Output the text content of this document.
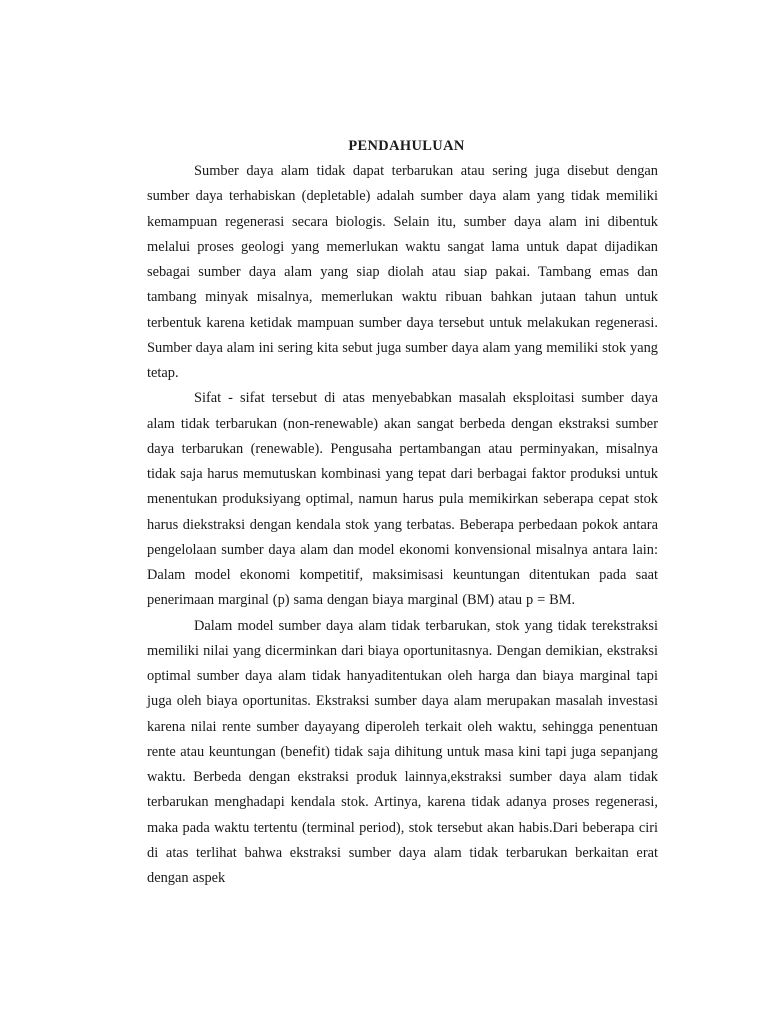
PENDAHULUAN

Sumber daya alam tidak dapat terbarukan atau sering juga disebut dengan sumber daya terhabiskan (depletable) adalah sumber daya alam yang tidak memiliki kemampuan regenerasi secara biologis. Selain itu, sumber daya alam ini dibentuk melalui proses geologi yang memerlukan waktu sangat lama untuk dapat dijadikan sebagai sumber daya alam yang siap diolah atau siap pakai. Tambang emas dan tambang minyak misalnya, memerlukan waktu ribuan bahkan jutaan tahun untuk terbentuk karena ketidak mampuan sumber daya tersebut untuk melakukan regenerasi. Sumber daya alam ini sering kita sebut juga sumber daya alam yang memiliki stok yang tetap.

Sifat - sifat tersebut di atas menyebabkan masalah eksploitasi sumber daya alam tidak terbarukan (non-renewable) akan sangat berbeda dengan ekstraksi sumber daya terbarukan (renewable). Pengusaha pertambangan atau perminyakan, misalnya tidak saja harus memutuskan kombinasi yang tepat dari berbagai faktor produksi untuk menentukan produksiyang optimal, namun harus pula memikirkan seberapa cepat stok harus diekstraksi dengan kendala stok yang terbatas. Beberapa perbedaan pokok antara pengelolaan sumber daya alam dan model ekonomi konvensional misalnya antara lain: Dalam model ekonomi kompetitif, maksimisasi keuntungan ditentukan pada saat penerimaan marginal (p) sama dengan biaya marginal (BM) atau p = BM.

Dalam model sumber daya alam tidak terbarukan, stok yang tidak terekstraksi memiliki nilai yang dicerminkan dari biaya oportunitasnya. Dengan demikian, ekstraksi optimal sumber daya alam tidak hanyaditentukan oleh harga dan biaya marginal tapi juga oleh biaya oportunitas. Ekstraksi sumber daya alam merupakan masalah investasi karena nilai rente sumber dayayang diperoleh terkait oleh waktu, sehingga penentuan rente atau keuntungan (benefit) tidak saja dihitung untuk masa kini tapi juga sepanjang waktu. Berbeda dengan ekstraksi produk lainnya,ekstraksi sumber daya alam tidak terbarukan menghadapi kendala stok. Artinya, karena tidak adanya proses regenerasi, maka pada waktu tertentu (terminal period), stok tersebut akan habis.Dari beberapa ciri di atas terlihat bahwa ekstraksi sumber daya alam tidak terbarukan berkaitan erat dengan aspek
